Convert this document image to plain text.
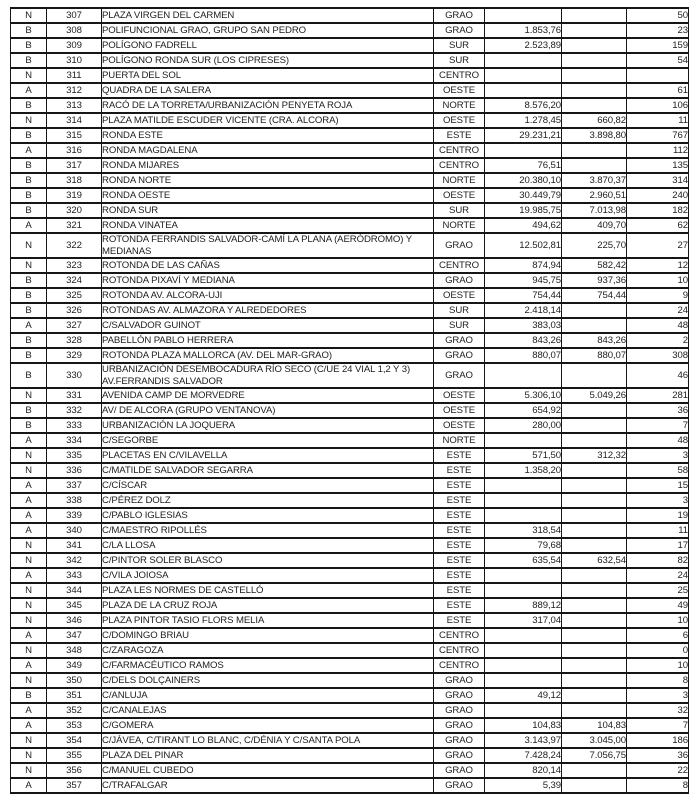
N	307	PLAZA VIRGEN DEL CARMEN	GRAO			50
B	308	POLIFUNCIONAL GRAO, GRUPO SAN PEDRO	GRAO	1.853,76		23
B	309	POLÍGONO FADRELL	SUR	2.523,89		159
B	310	POLÍGONO RONDA SUR (LOS CIPRESES)	SUR			54
N	311	PUERTA DEL SOL	CENTRO			
A	312	QUADRA DE LA SALERA	OESTE			61
B	313	RACÓ DE LA TORRETA/URBANIZACIÓN PENYETA ROJA	NORTE	8.576,20		106
N	314	PLAZA MATILDE ESCUDER VICENTE (CRA. ALCORA)	OESTE	1.278,45	660,82	11
B	315	RONDA ESTE	ESTE	29.231,21	3.898,80	767
A	316	RONDA MAGDALENA	CENTRO			112
B	317	RONDA MIJARES	CENTRO	76,51		135
B	318	RONDA NORTE	NORTE	20.380,10	3.870,37	314
B	319	RONDA OESTE	OESTE	30.449,79	2.960,51	240
B	320	RONDA SUR	SUR	19.985,75	7.013,98	182
A	321	RONDA VINATEA	NORTE	494,62	409,70	62
N	322	ROTONDA FERRANDIS SALVADOR-CAMÍ LA PLANA (AERÓDROMO) Y MEDIANAS	GRAO	12.502,81	225,70	27
N	323	ROTONDA DE LAS CAÑAS	CENTRO	874,94	582,42	12
B	324	ROTONDA PIXAVÍ Y MEDIANA	GRAO	945,75	937,36	10
B	325	ROTONDA AV. ALCORA-UJI	OESTE	754,44	754,44	9
B	326	ROTONDAS AV. ALMAZORA Y ALREDEDORES	SUR	2.418,14		24
A	327	C/SALVADOR GUINOT	SUR	383,03		48
B	328	PABELLÓN PABLO HERRERA	GRAO	843,26	843,26	2
B	329	ROTONDA PLAZA MALLORCA (AV. DEL MAR-GRAO)	GRAO	880,07	880,07	308
B	330	URBANIZACIÓN DESEMBOCADURA RÍO SECO (C/UE 24 VIAL 1,2 Y 3) AV.FERRANDIS SALVADOR	GRAO			46
N	331	AVENIDA CAMP DE MORVEDRE	OESTE	5.306,10	5.049,26	281
B	332	AV/ DE ALCORA (GRUPO VENTANOVA)	OESTE	654,92		36
B	333	URBANIZACIÓN LA JOQUERA	OESTE	280,00		7
A	334	C/SEGORBE	NORTE			48
N	335	PLACETAS EN C/VILAVELLA	ESTE	571,50	312,32	3
N	336	C/MATILDE SALVADOR SEGARRA	ESTE	1.358,20		58
A	337	C/CÍSCAR	ESTE			15
A	338	C/PÉREZ DOLZ	ESTE			3
A	339	C/PABLO IGLESIAS	ESTE			19
A	340	C/MAESTRO RIPOLLÉS	ESTE	318,54		11
N	341	C/LA LLOSA	ESTE	79,68		17
N	342	C/PINTOR SOLER BLASCO	ESTE	635,54	632,54	82
A	343	C/VILA JOIOSA	ESTE			24
N	344	PLAZA LES NORMES DE CASTELLÓ	ESTE			25
N	345	PLAZA DE LA CRUZ ROJA	ESTE	889,12		49
N	346	PLAZA PINTOR TASIO FLORS MELIA	ESTE	317,04		10
A	347	C/DOMINGO BRIAU	CENTRO			6
N	348	C/ZARAGOZA	CENTRO			0
A	349	C/FARMACÉUTICO RAMOS	CENTRO			10
N	350	C/DELS DOLÇAINERS	GRAO			8
B	351	C/ANLUJA	GRAO	49,12		3
A	352	C/CANALEJAS	GRAO			32
A	353	C/GOMERA	GRAO	104,83	104,83	7
N	354	C/JÁVEA, C/TIRANT LO BLANC, C/DÉNIA Y C/SANTA POLA	GRAO	3.143,97	3.045,00	186
N	355	PLAZA DEL PINAR	GRAO	7.428,24	7.056,75	36
N	356	C/MANUEL CUBEDO	GRAO	820,14		22
A	357	C/TRAFALGAR	GRAO	5,39		8
